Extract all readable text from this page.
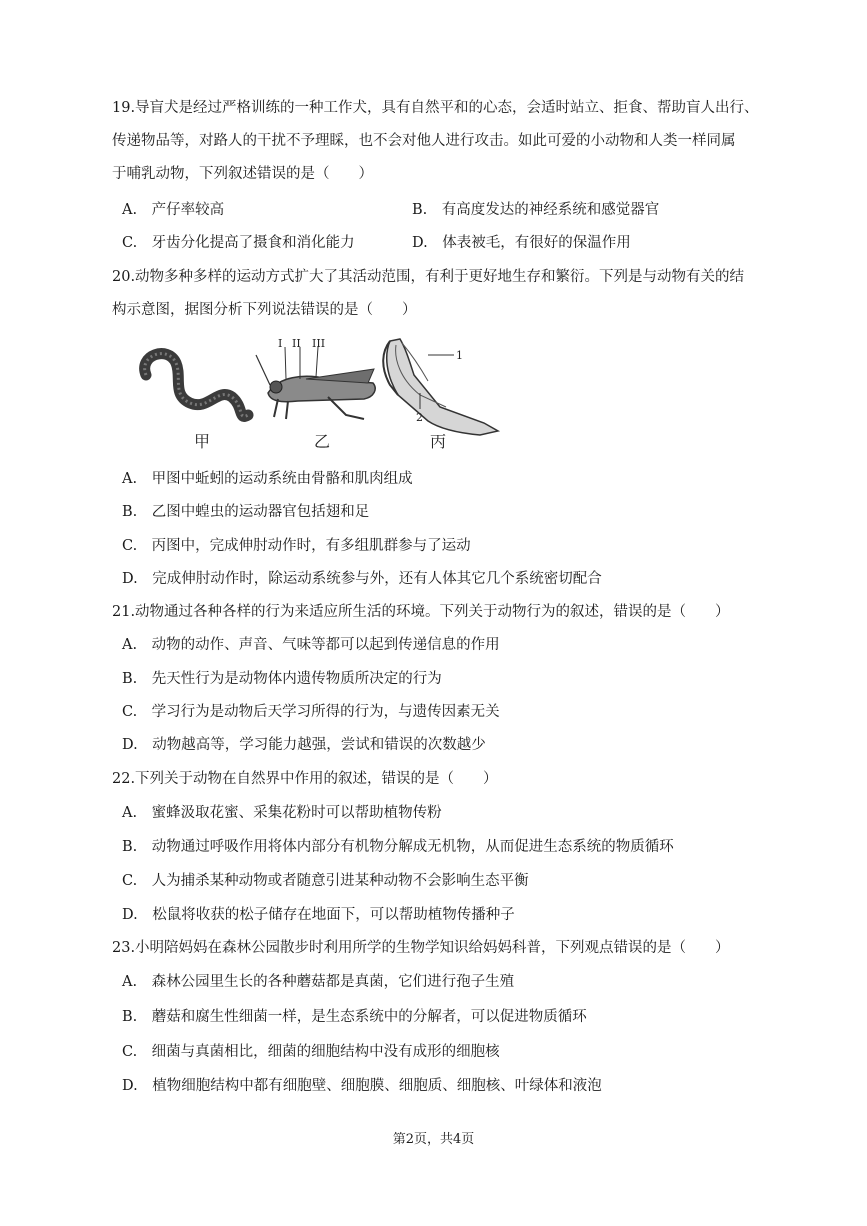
19.导盲犬是经过严格训练的一种工作犬，具有自然平和的心态，会适时站立、拒食、帮助盲人出行、
传递物品等，对路人的干扰不予理睬，也不会对他人进行攻击。如此可爱的小动物和人类一样同属
于哺乳动物，下列叙述错误的是（　　）
A.　产仔率较高	B.　有高度发达的神经系统和感觉器官
C.　牙齿分化提高了摄食和消化能力	D.　体表被毛，有很好的保温作用
20.动物多种多样的运动方式扩大了其活动范围，有利于更好地生存和繁衍。下列是与动物有关的结
构示意图，据图分析下列说法错误的是（　　）
甲
I II III
乙
1
2
丙
A.　甲图中蚯蚓的运动系统由骨骼和肌肉组成
B.　乙图中蝗虫的运动器官包括翅和足
C.　丙图中，完成伸肘动作时，有多组肌群参与了运动
D.　完成伸肘动作时，除运动系统参与外，还有人体其它几个系统密切配合
21.动物通过各种各样的行为来适应所生活的环境。下列关于动物行为的叙述，错误的是（　　）
A.　动物的动作、声音、气味等都可以起到传递信息的作用
B.　先天性行为是动物体内遗传物质所决定的行为
C.　学习行为是动物后天学习所得的行为，与遗传因素无关
D.　动物越高等，学习能力越强，尝试和错误的次数越少
22.下列关于动物在自然界中作用的叙述，错误的是（　　）
A.　蜜蜂汲取花蜜、采集花粉时可以帮助植物传粉
B.　动物通过呼吸作用将体内部分有机物分解成无机物，从而促进生态系统的物质循环
C.　人为捕杀某种动物或者随意引进某种动物不会影响生态平衡
D.　松鼠将收获的松子储存在地面下，可以帮助植物传播种子
23.小明陪妈妈在森林公园散步时利用所学的生物学知识给妈妈科普，下列观点错误的是（　　）
A.　森林公园里生长的各种蘑菇都是真菌，它们进行孢子生殖
B.　蘑菇和腐生性细菌一样，是生态系统中的分解者，可以促进物质循环
C.　细菌与真菌相比，细菌的细胞结构中没有成形的细胞核
D.　植物细胞结构中都有细胞壁、细胞膜、细胞质、细胞核、叶绿体和液泡
第2页，共4页
